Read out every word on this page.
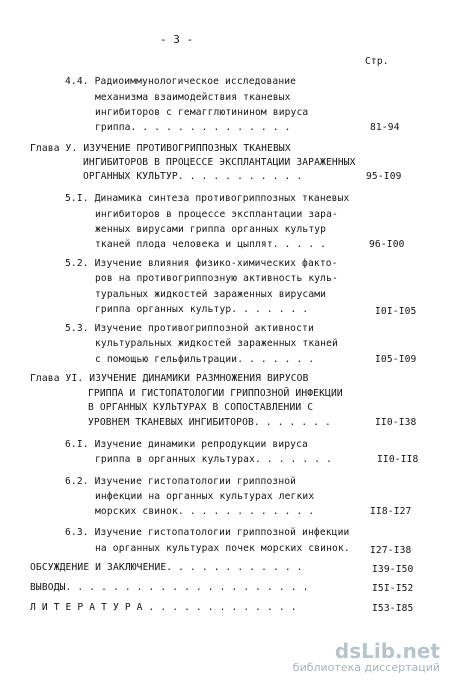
- 3 -
Стр.
4.4. Радиоиммунологическое исследование
механизма взаимодействия тканевых
ингибиторов с гемагглютинином вируса
гриппа. . . . . . . . . . . . . .	81-94
Глава У. ИЗУЧЕНИЕ ПРОТИВОГРИППОЗНЫХ ТКАНЕВЫХ
ИНГИБИТОРОВ В ПРОЦЕССЕ ЭКСПЛАНТАЦИИ ЗАРАЖЕННЫХ
ОРГАННЫХ КУЛЬТУР. . . . . . . . . . .	95-I09
5.I. Динамика синтеза противогриппозных тканевых
ингибиторов в процессе эксплантации зара-
женных вирусами гриппа органных культур
тканей плода человека и цыплят. . . . .	96-I00
5.2. Изучение влияния физико-химических факто-
ров на противогриппозную активность куль-
туральных жидкостей зараженных вирусами
гриппа органных культур. . . . . . .	I0I-I05
5.3. Изучение противогриппозной активности
культуральных жидкостей зараженных тканей
с помощью гельфильтрации. . . . . . .	I05-I09
Глава УI. ИЗУЧЕНИЕ ДИНАМИКИ РАЗМНОЖЕНИЯ ВИРУСОВ
ГРИППА И ГИСТОПАТОЛОГИИ ГРИППОЗНОЙ ИНФЕКЦИИ
В ОРГАННЫХ КУЛЬТУРАХ В СОПОСТАВЛЕНИИ С
УРОВНЕМ ТКАНЕВЫХ ИНГИБИТОРОВ. . . . . . .	II0-I38
6.I. Изучение динамики репродукции вируса
гриппа в органных культурах. . . . . . .	II0-II8
6.2. Изучение гистопатологии гриппозной
инфекции на органных культурах легких
морских свинок. . . . . . . . . . . .	II8-I27
6.3. Изучение гистопатологии гриппозной инфекции
на органных культурах почек морских свинок. I27-I38
ОБСУЖДЕНИЕ И ЗАКЛЮЧЕНИЕ. . . . . . . . . . . .	I39-I50
ВЫВОДЫ. . . . . . . . . . . . . . . . . . . . .	I5I-I52
Л И Т Е Р А Т У Р А . . . . . . . . . . . . .	I53-I85
dsLib.net
библиотека диссертаций
